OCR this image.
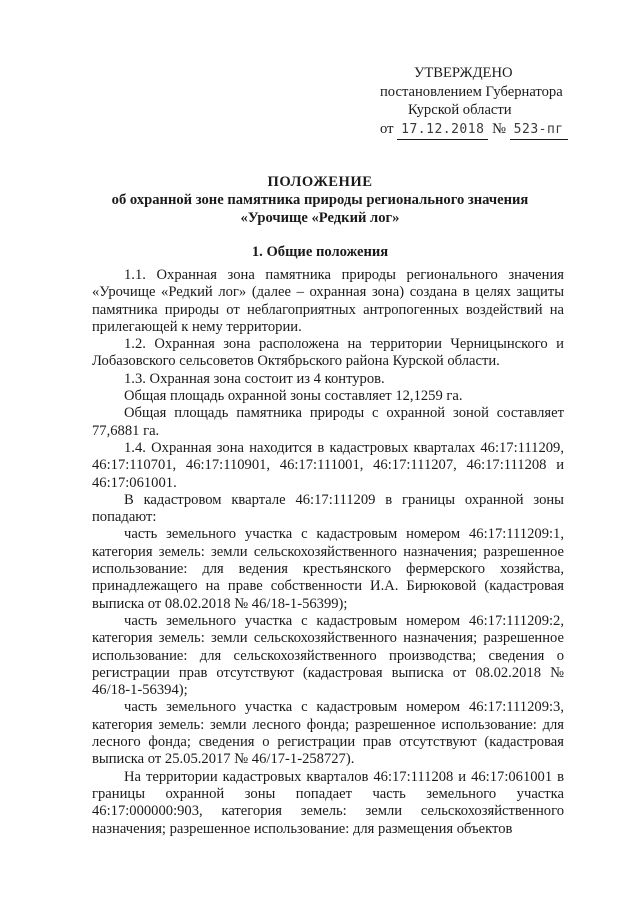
УТВЕРЖДЕНО
постановлением Губернатора
Курской области
от 17.12.2018 № 523-пг
ПОЛОЖЕНИЕ
об охранной зоне памятника природы регионального значения
«Урочище «Редкий лог»
1. Общие положения

1.1. Охранная зона памятника природы регионального значения «Урочище «Редкий лог» (далее – охранная зона) создана в целях защиты памятника природы от неблагоприятных антропогенных воздействий на прилегающей к нему территории.

1.2. Охранная зона расположена на территории Черницынского и Лобазовского сельсоветов Октябрьского района Курской области.

1.3. Охранная зона состоит из 4 контуров.

Общая площадь охранной зоны составляет 12,1259 га.

Общая площадь памятника природы с охранной зоной составляет 77,6881 га.

1.4. Охранная зона находится в кадастровых кварталах 46:17:111209, 46:17:110701, 46:17:110901, 46:17:111001, 46:17:111207, 46:17:111208 и 46:17:061001.

В кадастровом квартале 46:17:111209 в границы охранной зоны попадают:

часть земельного участка с кадастровым номером 46:17:111209:1, категория земель: земли сельскохозяйственного назначения; разрешенное использование: для ведения крестьянского фермерского хозяйства, принадлежащего на праве собственности И.А. Бирюковой (кадастровая выписка от 08.02.2018 № 46/18-1-56399);

часть земельного участка с кадастровым номером 46:17:111209:2, категория земель: земли сельскохозяйственного назначения; разрешенное использование: для сельскохозяйственного производства; сведения о регистрации прав отсутствуют (кадастровая выписка от 08.02.2018 № 46/18-1-56394);

часть земельного участка с кадастровым номером 46:17:111209:3, категория земель: земли лесного фонда; разрешенное использование: для лесного фонда; сведения о регистрации прав отсутствуют (кадастровая выписка от 25.05.2017 № 46/17-1-258727).

На территории кадастровых кварталов 46:17:111208 и 46:17:061001 в границы охранной зоны попадает часть земельного участка 46:17:000000:903, категория земель: земли сельскохозяйственного назначения; разрешенное использование: для размещения объектов
